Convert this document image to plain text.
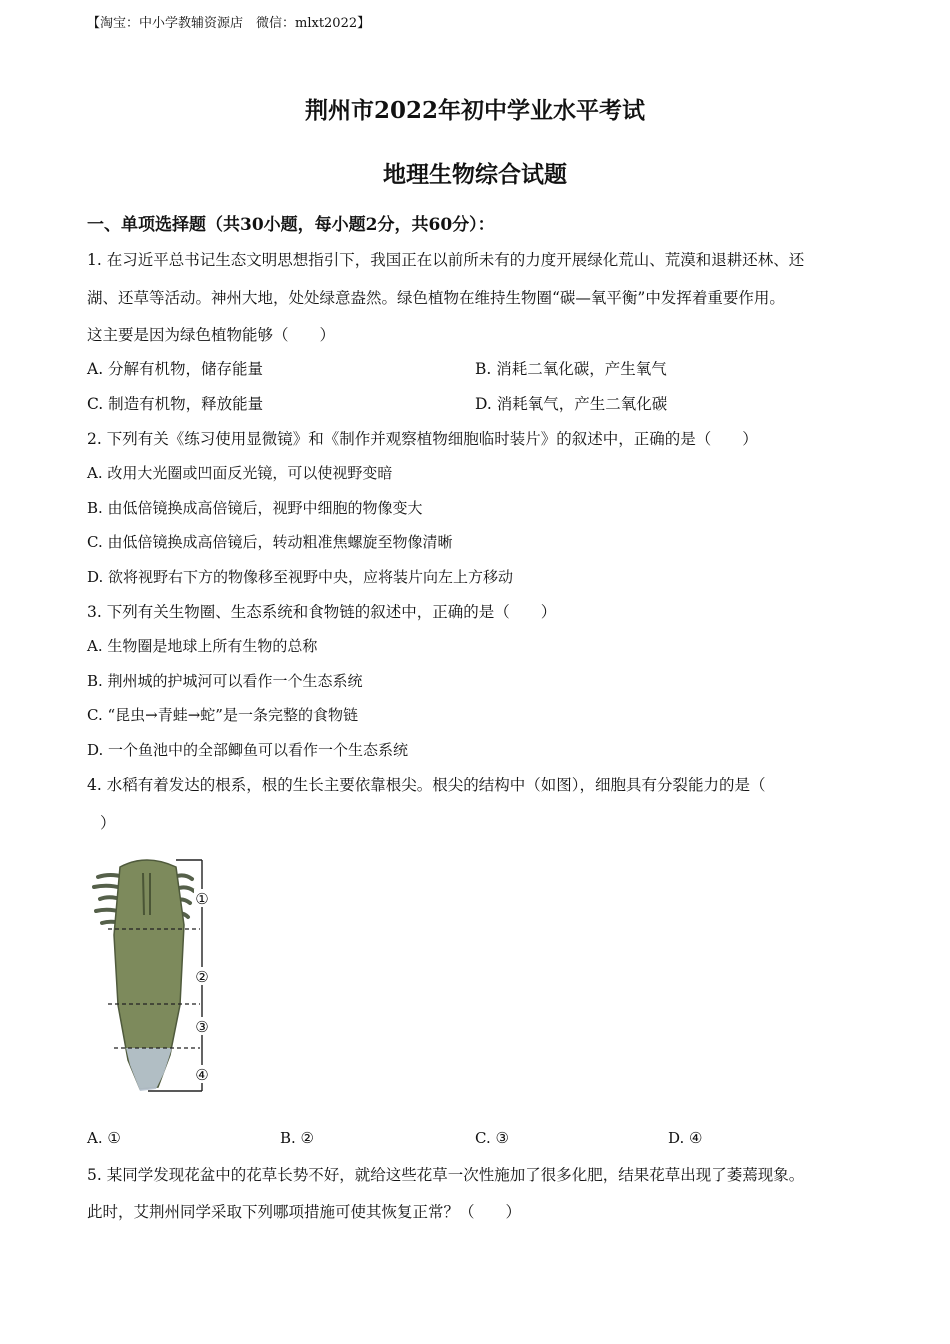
【淘宝：中小学教辅资源店　微信：mlxt2022】
荆州市2022年初中学业水平考试
地理生物综合试题
一、单项选择题（共30小题，每小题2分，共60分）：
1. 在习近平总书记生态文明思想指引下，我国正在以前所未有的力度开展绿化荒山、荒漠和退耕还林、还
湖、还草等活动。神州大地，处处绿意盎然。绿色植物在维持生物圈“碳—氧平衡”中发挥着重要作用。
这主要是因为绿色植物能够（　　）
A. 分解有机物，储存能量	B. 消耗二氧化碳，产生氧气
C. 制造有机物，释放能量	D. 消耗氧气，产生二氧化碳
2. 下列有关《练习使用显微镜》和《制作并观察植物细胞临时装片》的叙述中，正确的是（　　）
A. 改用大光圈或凹面反光镜，可以使视野变暗
B. 由低倍镜换成高倍镜后，视野中细胞的物像变大
C. 由低倍镜换成高倍镜后，转动粗准焦螺旋至物像清晰
D. 欲将视野右下方的物像移至视野中央，应将装片向左上方移动
3. 下列有关生物圈、生态系统和食物链的叙述中，正确的是（　　）
A. 生物圈是地球上所有生物的总称
B. 荆州城的护城河可以看作一个生态系统
C. “昆虫→青蛙→蛇”是一条完整的食物链
D. 一个鱼池中的全部鲫鱼可以看作一个生态系统
4. 水稻有着发达的根系，根的生长主要依靠根尖。根尖的结构中（如图），细胞具有分裂能力的是（
）
①
②
③
④
A. ①	B. ②	C. ③	D. ④
5. 某同学发现花盆中的花草长势不好，就给这些花草一次性施加了很多化肥，结果花草出现了萎蔫现象。
此时，艾荆州同学采取下列哪项措施可使其恢复正常？（　　）
